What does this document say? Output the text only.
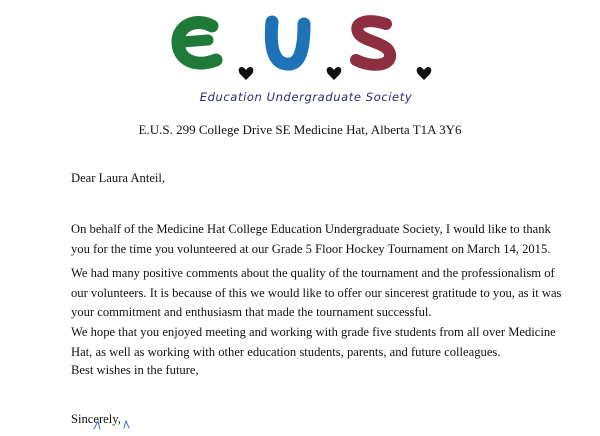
Education Undergraduate Society
E.U.S. 299 College Drive SE Medicine Hat, Alberta T1A 3Y6
Dear Laura Anteil,
On behalf of the Medicine Hat College Education Undergraduate Society, I would like to thank you for the time you volunteered at our Grade 5 Floor Hockey Tournament on March 14, 2015.
We had many positive comments about the quality of the tournament and the professionalism of our volunteers. It is because of this we would like to offer our sincerest gratitude to you, as it was your commitment and enthusiasm that made the tournament successful.
We hope that you enjoyed meeting and working with grade five students from all over Medicine Hat, as well as working with other education students, parents, and future colleagues.
Best wishes in the future,
Sincerely,
